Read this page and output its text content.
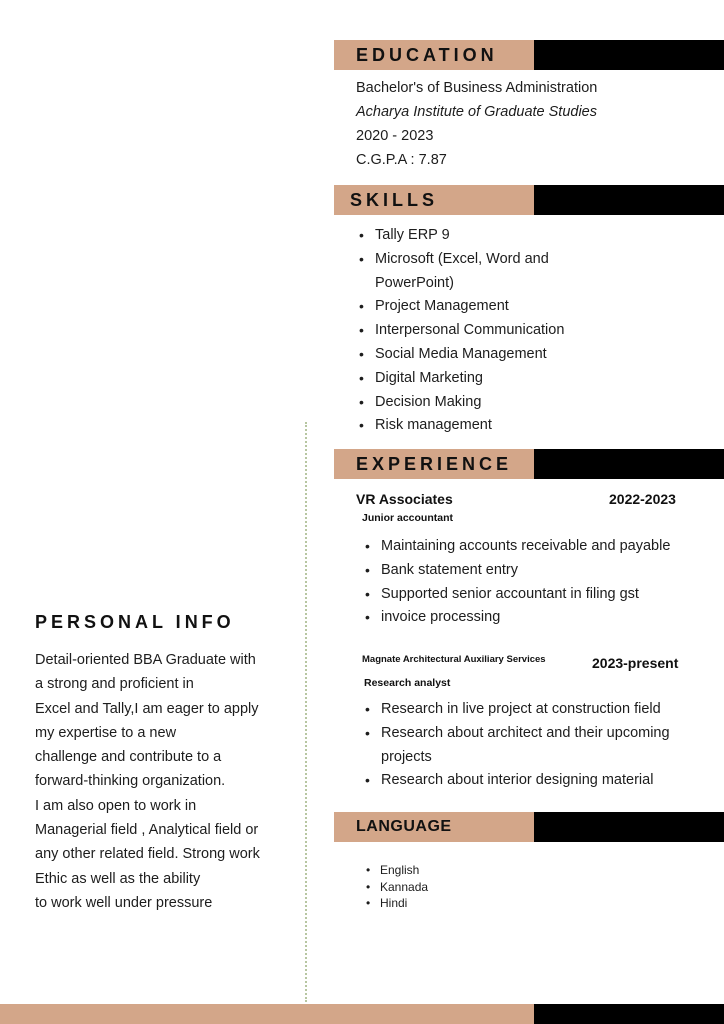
EDUCATION
Bachelor's of Business Administration
Acharya Institute of Graduate Studies
2020 - 2023
C.G.P.A : 7.87
SKILLS
• Tally ERP 9
• Microsoft (Excel, Word and
PowerPoint)
• Project Management
• Interpersonal Communication
• Social Media Management
• Digital Marketing
• Decision Making
• Risk management
EXPERIENCE
VR Associates	2022-2023
Junior accountant
• Maintaining accounts receivable and payable
• Bank statement entry
• Supported senior accountant in filing gst
• invoice processing
Magnate Architectural Auxiliary Services	2023-present
Research analyst
• Research in live project at construction field
• Research about architect and their upcoming
projects
• Research about interior designing material
LANGUAGE
• English
• Kannada
• Hindi
PERSONAL INFO
Detail-oriented BBA Graduate with
a strong and proficient in
Excel and Tally,I am eager to apply
my expertise to a new
challenge and contribute to a
forward-thinking organization.
I am also open to work in
Managerial field , Analytical field or
any other related field. Strong work
Ethic as well as the ability
to work well under pressure
